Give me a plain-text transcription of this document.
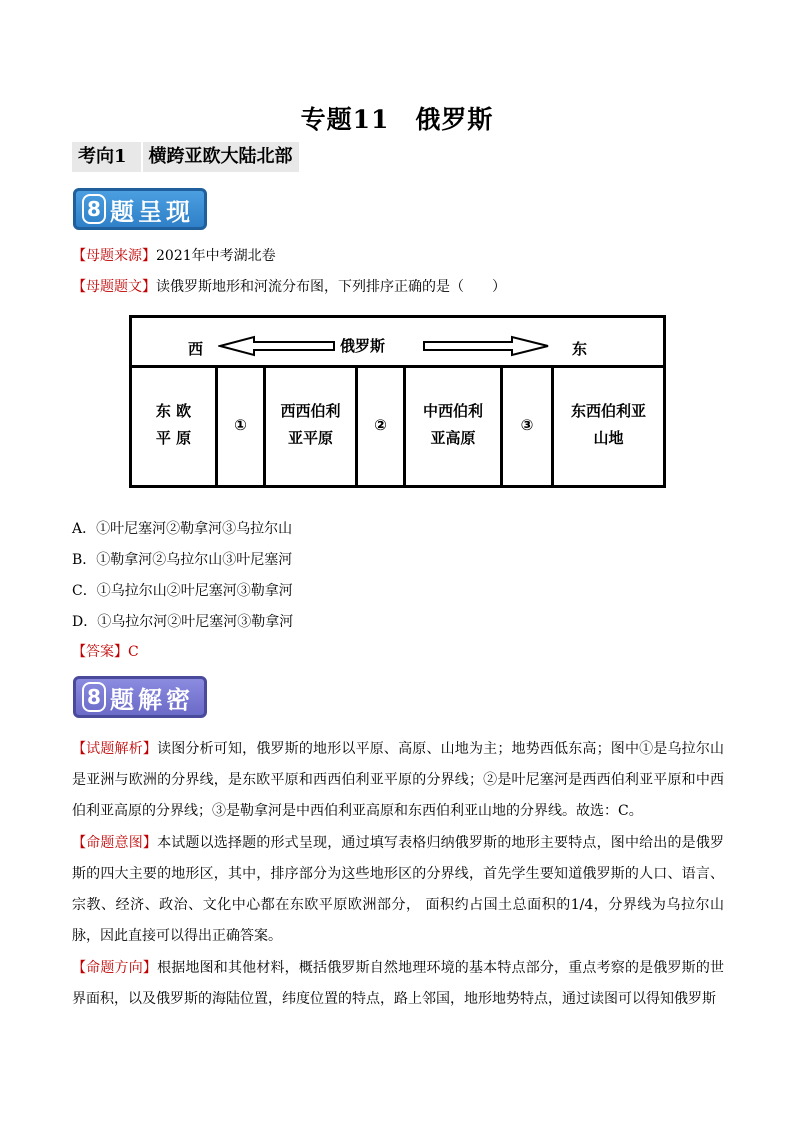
专题11　俄罗斯
考向1 横跨亚欧大陆北部
8 题呈现
【母题来源】2021年中考湖北卷
【母题题文】读俄罗斯地形和河流分布图，下列排序正确的是（　　）
西	俄罗斯	东
东 欧
平 原
①
西西伯利
亚平原
②
中西伯利
亚高原
③
东西伯利亚
山地
A．①叶尼塞河②勒拿河③乌拉尔山
B．①勒拿河②乌拉尔山③叶尼塞河
C．①乌拉尔山②叶尼塞河③勒拿河
D．①乌拉尔河②叶尼塞河③勒拿河
【答案】C
8 题解密
【试题解析】读图分析可知，俄罗斯的地形以平原、高原、山地为主；地势西低东高；图中①是乌拉尔山是亚洲与欧洲的分界线，是东欧平原和西西伯利亚平原的分界线；②是叶尼塞河是西西伯利亚平原和中西伯利亚高原的分界线；③是勒拿河是中西伯利亚高原和东西伯利亚山地的分界线。故选：C。
【命题意图】本试题以选择题的形式呈现，通过填写表格归纳俄罗斯的地形主要特点，图中给出的是俄罗斯的四大主要的地形区，其中，排序部分为这些地形区的分界线，首先学生要知道俄罗斯的人口、语言、宗教、经济、政治、文化中心都在东欧平原欧洲部分， 面积约占国土总面积的1/4，分界线为乌拉尔山脉，因此直接可以得出正确答案。
【命题方向】根据地图和其他材料，概括俄罗斯自然地理环境的基本特点部分，重点考察的是俄罗斯的世界面积，以及俄罗斯的海陆位置，纬度位置的特点，路上邻国，地形地势特点，通过读图可以得知俄罗斯
